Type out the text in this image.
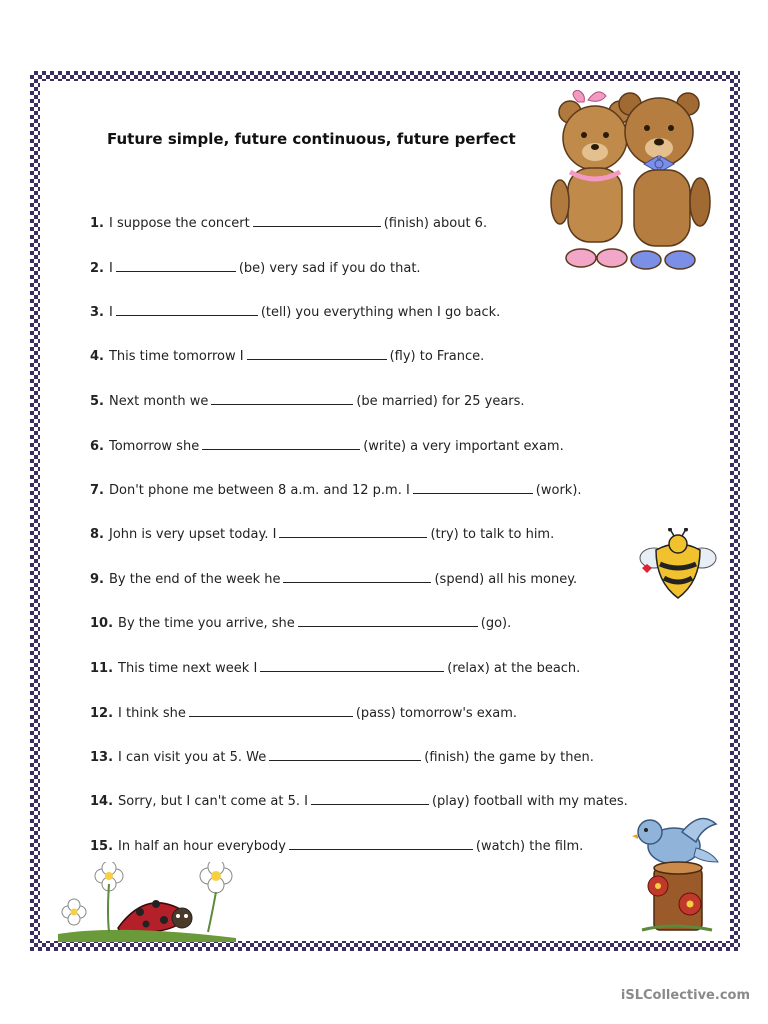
Future simple, future continuous, future perfect
1. I suppose the concert	(finish) about 6.
2. I	(be) very sad if you do that.
3. I	(tell) you everything when I go back.
4. This time tomorrow I	(fly) to France.
5. Next month we	(be married) for 25 years.
6. Tomorrow she	(write) a very important exam.
7. Don't phone me between 8 a.m. and 12 p.m. I	(work).
8. John is very upset today. I	(try) to talk to him.
9. By the end of the week he	(spend) all his money.
10. By the time you arrive, she	(go).
11. This time next week I	(relax) at the beach.
12. I think she	(pass) tomorrow's exam.
13. I can visit you at 5. We	(finish) the game by then.
14. Sorry, but I can't come at 5. I	(play) football with my mates.
15. In half an hour everybody	(watch) the film.
iSLCollective.com
